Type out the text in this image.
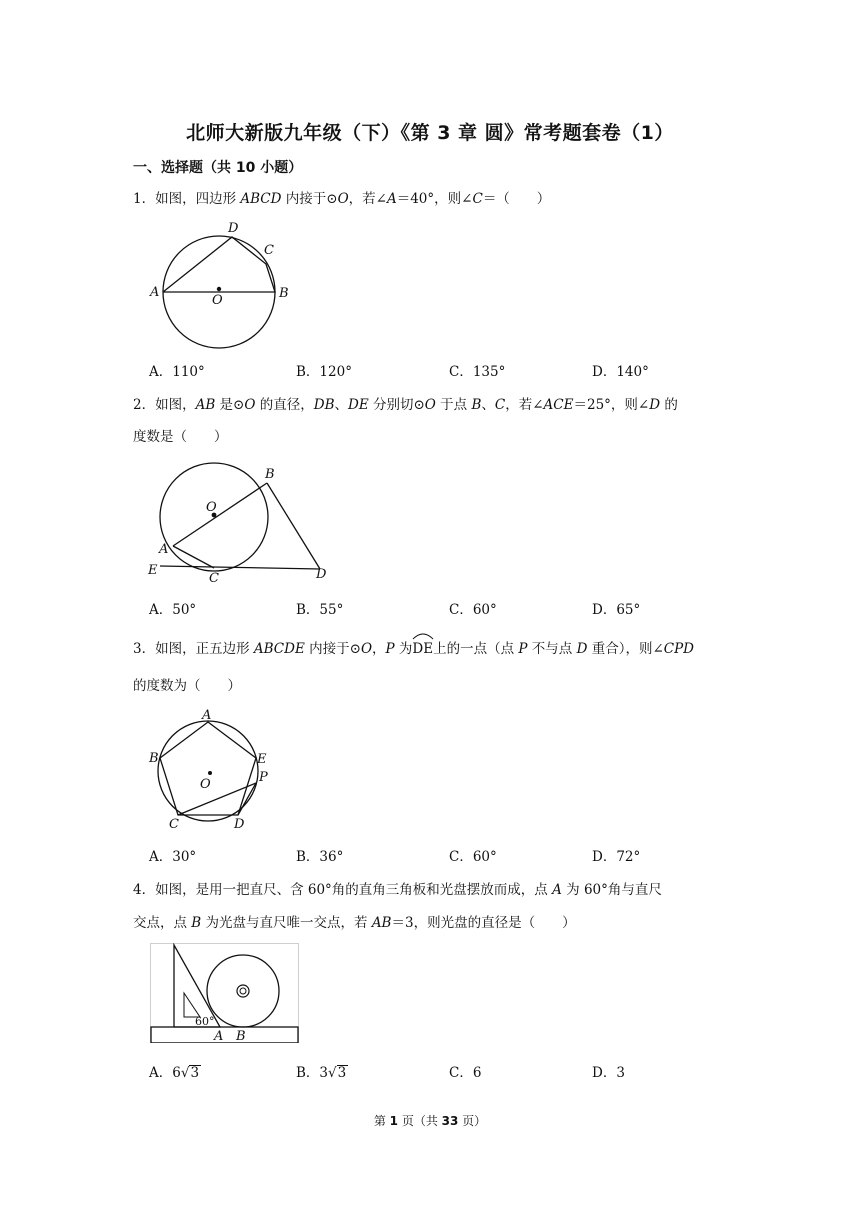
北师大新版九年级（下）《第 3 章 圆》常考题套卷（1）
一、选择题（共 10 小题）
1．如图，四边形 ABCD 内接于⊙O，若∠A＝40°，则∠C＝（　　）
A
D
C
B
O
A．110°	B．120°	C．135°	D．140°
2．如图，AB 是⊙O 的直径，DB、DE 分别切⊙O 于点 B、C，若∠ACE＝25°，则∠D 的
度数是（　　）
B
O
A
E
C	D
A．50°	B．55°	C．60°	D．65°
3．如图，正五边形 ABCDE 内接于⊙O，P 为
DE上的一点（点 P 不与点 D 重合），则∠CPD
的度数为（　　）
A
B	E
P
O
C	D
A．30°	B．36°	C．60°	D．72°
4．如图，是用一把直尺、含 60°角的直角三角板和光盘摆放而成，点 A 为 60°角与直尺
交点，点 B 为光盘与直尺唯一交点，若 AB＝3，则光盘的直径是（　　）
60°
A B
A．6√3	B．3√3	C．6	D．3
第 1 页（共 33 页）
